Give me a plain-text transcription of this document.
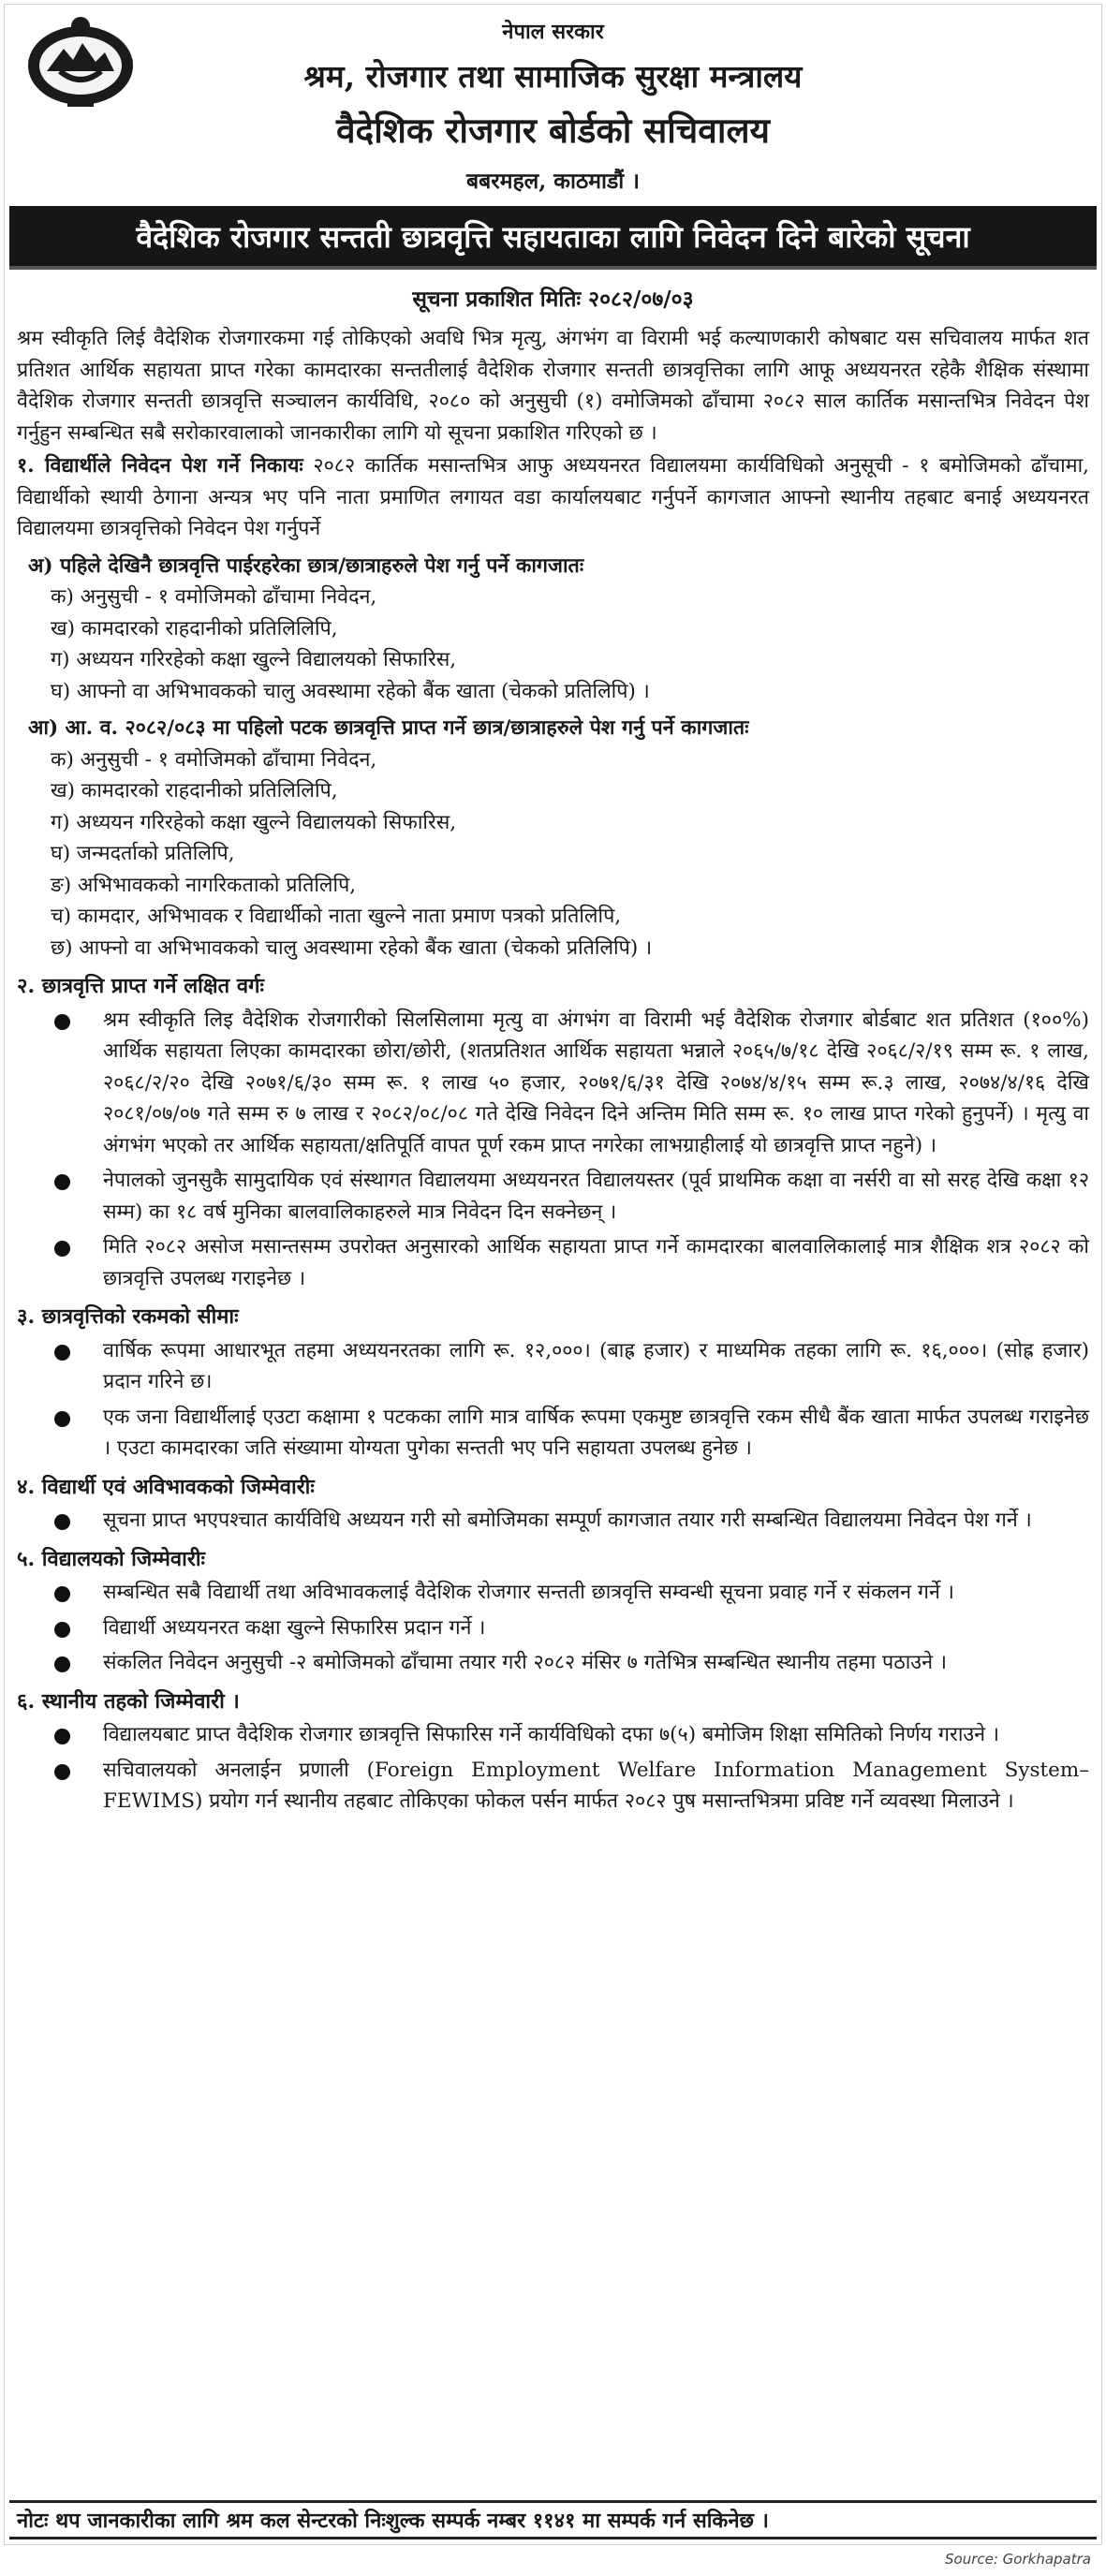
नेपाल सरकार
श्रम, रोजगार तथा सामाजिक सुरक्षा मन्त्रालय
वैदेशिक रोजगार बोर्डको सचिवालय
बबरमहल, काठमाडौं ।
वैदेशिक रोजगार सन्तती छात्रवृत्ति सहायताका लागि निवेदन दिने बारेको सूचना
सूचना प्रकाशित मितिः २०८२/०७/०३

श्रम स्वीकृति लिई वैदेशिक रोजगारकमा गई तोकिएको अवधि भित्र मृत्यु, अंगभंग वा विरामी भई कल्याणकारी कोषबाट यस सचिवालय मार्फत शत प्रतिशत आर्थिक सहायता प्राप्त गरेका कामदारका सन्ततीलाई वैदेशिक रोजगार सन्तती छात्रवृत्तिका लागि आफू अध्ययनरत रहेकै शैक्षिक संस्थामा वैदेशिक रोजगार सन्तती छात्रवृत्ति सञ्चालन कार्यविधि, २०८० को अनुसुची (१) वमोजिमको ढाँचामा २०८२ साल कार्तिक मसान्तभित्र निवेदन पेश गर्नुहुन सम्बन्धित सबै सरोकारवालाको जानकारीका लागि यो सूचना प्रकाशित गरिएको छ ।

१. विद्यार्थीले निवेदन पेश गर्ने निकायः २०८२ कार्तिक मसान्तभित्र आफु अध्ययनरत विद्यालयमा कार्यविधिको अनुसूची - १ बमोजिमको ढाँचामा, विद्यार्थीको स्थायी ठेगाना अन्यत्र भए पनि नाता प्रमाणित लगायत वडा कार्यालयबाट गर्नुपर्ने कागजात आफ्नो स्थानीय तहबाट बनाई अध्ययनरत विद्यालयमा छात्रवृत्तिको निवेदन पेश गर्नुपर्ने
अ) पहिले देखिनै छात्रवृत्ति पाईरहरेका छात्र/छात्राहरुले पेश गर्नु पर्ने कागजातः
क) अनुसुची - १ वमोजिमको ढाँचामा निवेदन,
ख) कामदारको राहदानीको प्रतिलिलिपि,
ग) अध्ययन गरिरहेको कक्षा खुल्ने विद्यालयको सिफारिस,
घ) आफ्नो वा अभिभावकको चालु अवस्थामा रहेको बैंक खाता (चेकको प्रतिलिपि) ।
आ) आ. व. २०८२/०८३ मा पहिलो पटक छात्रवृत्ति प्राप्त गर्ने छात्र/छात्राहरुले पेश गर्नु पर्ने कागजातः
क) अनुसुची - १ वमोजिमको ढाँचामा निवेदन,
ख) कामदारको राहदानीको प्रतिलिलिपि,
ग) अध्ययन गरिरहेको कक्षा खुल्ने विद्यालयको सिफारिस,
घ) जन्मदर्ताको प्रतिलिपि,
ङ) अभिभावकको नागरिकताको प्रतिलिपि,
च) कामदार, अभिभावक र विद्यार्थीको नाता खुल्ने नाता प्रमाण पत्रको प्रतिलिपि,
छ) आफ्नो वा अभिभावकको चालु अवस्थामा रहेको बैंक खाता (चेकको प्रतिलिपि) ।
२. छात्रवृत्ति प्राप्त गर्ने लक्षित वर्गः
श्रम स्वीकृति लिइ वैदेशिक रोजगारीको सिलसिलामा मृत्यु वा अंगभंग वा विरामी भई वैदेशिक रोजगार बोर्डबाट शत प्रतिशत (१००%) आर्थिक सहायता लिएका कामदारका छोरा/छोरी, (शतप्रतिशत आर्थिक सहायता भन्नाले २०६५/७/१८ देखि २०६८/२/१९ सम्म रू. १ लाख, २०६८/२/२० देखि २०७१/६/३० सम्म रू. १ लाख ५० हजार, २०७१/६/३१ देखि २०७४/४/१५ सम्म रू.३ लाख, २०७४/४/१६ देखि २०८१/०७/०७ गते सम्म रु ७ लाख र २०८२/०८/०८ गते देखि निवेदन दिने अन्तिम मिति सम्म रू. १० लाख प्राप्त गरेको हुनुपर्ने) । मृत्यु वा अंगभंग भएको तर आर्थिक सहायता/क्षतिपूर्ति वापत पूर्ण रकम प्राप्त नगरेका लाभग्राहीलाई यो छात्रवृत्ति प्राप्त नहुने) ।
नेपालको जुनसुकै सामुदायिक एवं संस्थागत विद्यालयमा अध्ययनरत विद्यालयस्तर (पूर्व प्राथमिक कक्षा वा नर्सरी वा सो सरह देखि कक्षा १२ सम्म) का १८ वर्ष मुनिका बालवालिकाहरुले मात्र निवेदन दिन सक्नेछन् ।
मिति २०८२ असोज मसान्तसम्म उपरोक्त अनुसारको आर्थिक सहायता प्राप्त गर्ने कामदारका बालवालिकालाई मात्र शैक्षिक शत्र २०८२ को छात्रवृत्ति उपलब्ध गराइनेछ ।
३. छात्रवृत्तिको रकमको सीमाः
वार्षिक रूपमा आधारभूत तहमा अध्ययनरतका लागि रू. १२,०००। (बाह्र हजार) र माध्यमिक तहका लागि रू. १६,०००। (सोह्र हजार) प्रदान गरिने छ।
एक जना विद्यार्थीलाई एउटा कक्षामा १ पटकका लागि मात्र वार्षिक रूपमा एकमुष्ट छात्रवृत्ति रकम सीधै बैंक खाता मार्फत उपलब्ध गराइनेछ । एउटा कामदारका जति संख्यामा योग्यता पुगेका सन्तती भए पनि सहायता उपलब्ध हुनेछ ।
४. विद्यार्थी एवं अविभावककाे जिम्मेवारीः
सूचना प्राप्त भएपश्चात कार्यविधि अध्ययन गरी सो बमोजिमका सम्पूर्ण कागजात तयार गरी सम्बन्धित विद्यालयमा निवेदन पेश गर्ने ।
५. विद्यालयको जिम्मेवारीः
सम्बन्धित सबै विद्यार्थी तथा अविभावकलाई वैदेशिक रोजगार सन्तती छात्रवृत्ति सम्वन्धी सूचना प्रवाह गर्ने र संकलन गर्ने ।
विद्यार्थी अध्ययनरत कक्षा खुल्ने सिफारिस प्रदान गर्ने ।
संकलित निवेदन अनुसुची -२ बमोजिमको ढाँचामा तयार गरी २०८२ मंसिर ७ गतेभित्र सम्बन्धित स्थानीय तहमा पठाउने ।
६. स्थानीय तहको जिम्मेवारी ।
विद्यालयबाट प्राप्त वैदेशिक रोजगार छात्रवृत्ति सिफारिस गर्ने कार्यविधिको दफा ७(५) बमोजिम शिक्षा समितिको निर्णय गराउने ।
सचिवालयको अनलाईन प्रणाली (Foreign Employment Welfare Information Management System–FEWIMS) प्रयोग गर्न स्थानीय तहबाट तोकिएका फोकल पर्सन मार्फत २०८२ पुष मसान्तभित्रमा प्रविष्ट गर्ने व्यवस्था मिलाउने ।
नोटः थप जानकारीका लागि श्रम कल सेन्टरको निःशुल्क सम्पर्क नम्बर ११४१ मा सम्पर्क गर्न सकिनेछ ।
Source: Gorkhapatra
